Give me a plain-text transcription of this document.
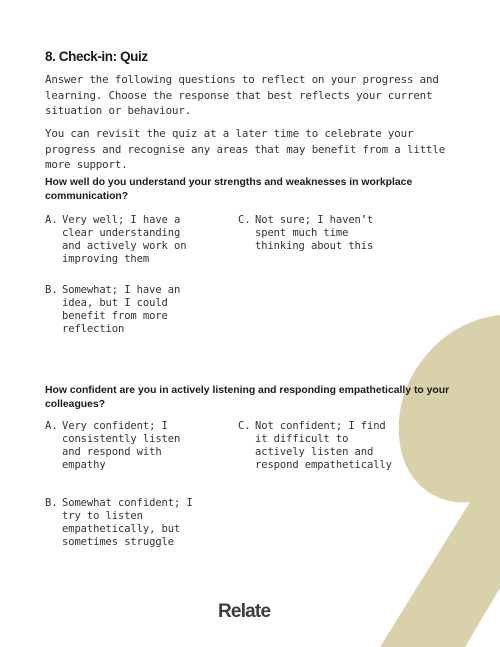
8. Check-in: Quiz
Answer the following questions to reflect on your progress and learning. Choose the response that best reflects your current situation or behaviour.
You can revisit the quiz at a later time to celebrate your progress and recognise any areas that may benefit from a little more support.
How well do you understand your strengths and weaknesses in workplace communication?
A. Very well; I have a clear understanding and actively work on improving them
C. Not sure; I haven’t spent much time thinking about this
B. Somewhat; I have an idea, but I could benefit from more reflection
How confident are you in actively listening and responding empathetically to your colleagues?
A. Very confident; I consistently listen and respond with empathy
C. Not confident; I find it difficult to actively listen and respond empathetically
B. Somewhat confident; I try to listen empathetically, but sometimes struggle
Relate
